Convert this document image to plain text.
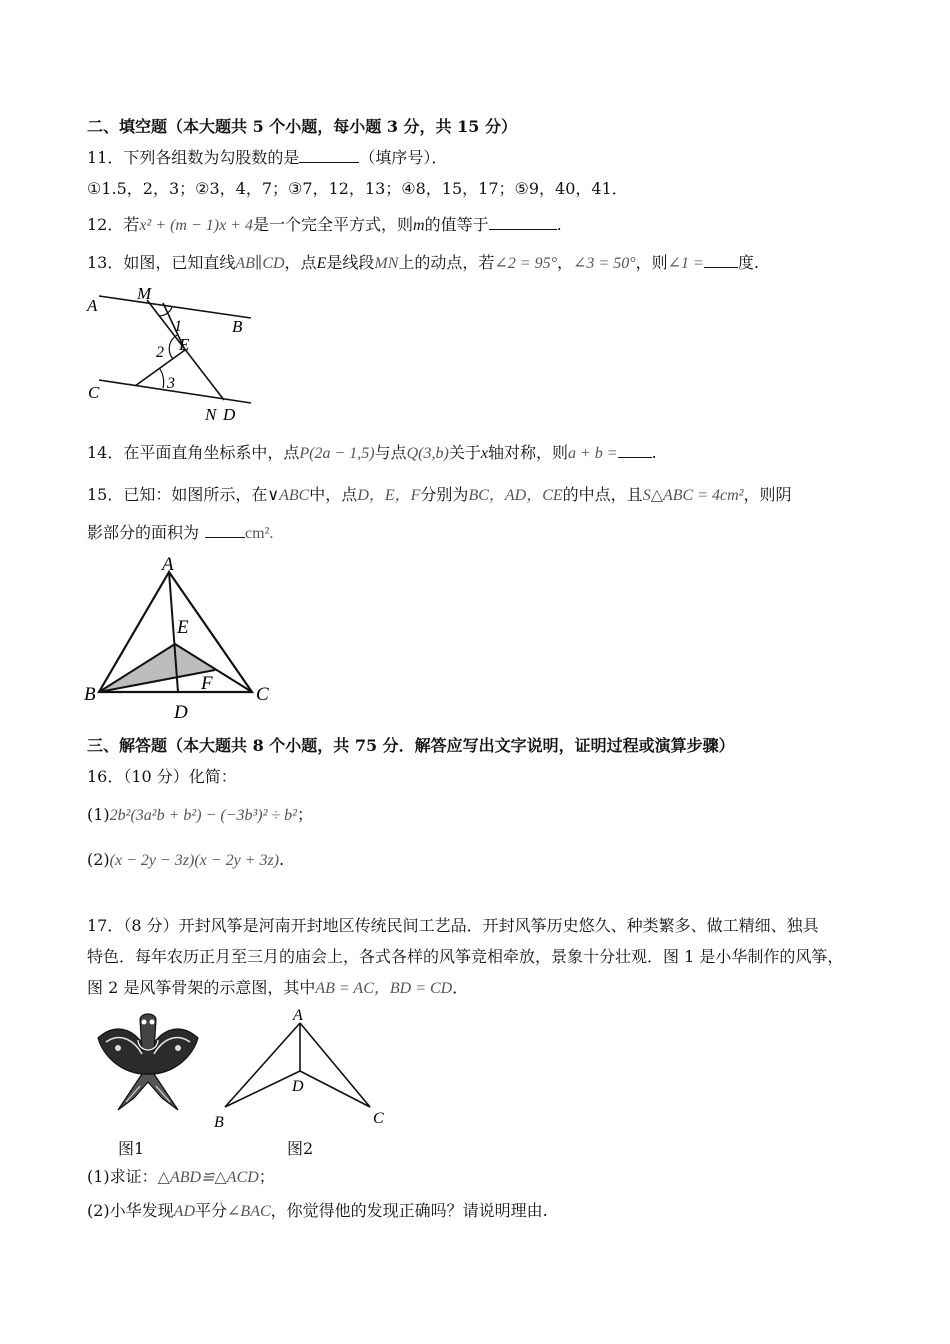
二、填空题（本大题共 5 个小题，每小题 3 分，共 15 分）
11．下列各组数为勾股数的是	（填序号）．
①1.5，2，3；②3，4，7；③7，12，13；④8，15，17；⑤9，40，41．
12．若x² + (m − 1)x + 4是一个完全平方式，则m的值等于	.
13．如图，已知直线AB∥CD，点E是线段MN上的动点，若∠2 = 95°，∠3 = 50°，则∠1 = 度.
A
M
B
1
2 E
3
C
N D
14．在平面直角坐标系中，点P(2a − 1,5)与点Q(3,b)关于x轴对称，则a + b = .
15．已知：如图所示，在∨ABC中，点D，E，F分别为BC，AD，CE的中点，且S△ABC = 4cm²，则阴
影部分的面积为	cm².
A
B	C
D
E
F
三、解答题（本大题共 8 个小题，共 75 分．解答应写出文字说明，证明过程或演算步骤）
16．（10 分）化简：
(1)2b²(3a²b + b²) − (−3b³)² ÷ b²；
(2)(x − 2y − 3z)(x − 2y + 3z).
17．（8 分）开封风筝是河南开封地区传统民间工艺品．开封风筝历史悠久、种类繁多、做工精细、独具
特色．每年农历正月至三月的庙会上，各式各样的风筝竞相牵放，景象十分壮观．图 1 是小华制作的风筝，
图 2 是风筝骨架的示意图，其中AB = AC，BD = CD．
图1
A
B	C
D
图2
(1)求证：△ABD≌△ACD；
(2)小华发现AD平分∠BAC，你觉得他的发现正确吗？请说明理由.
